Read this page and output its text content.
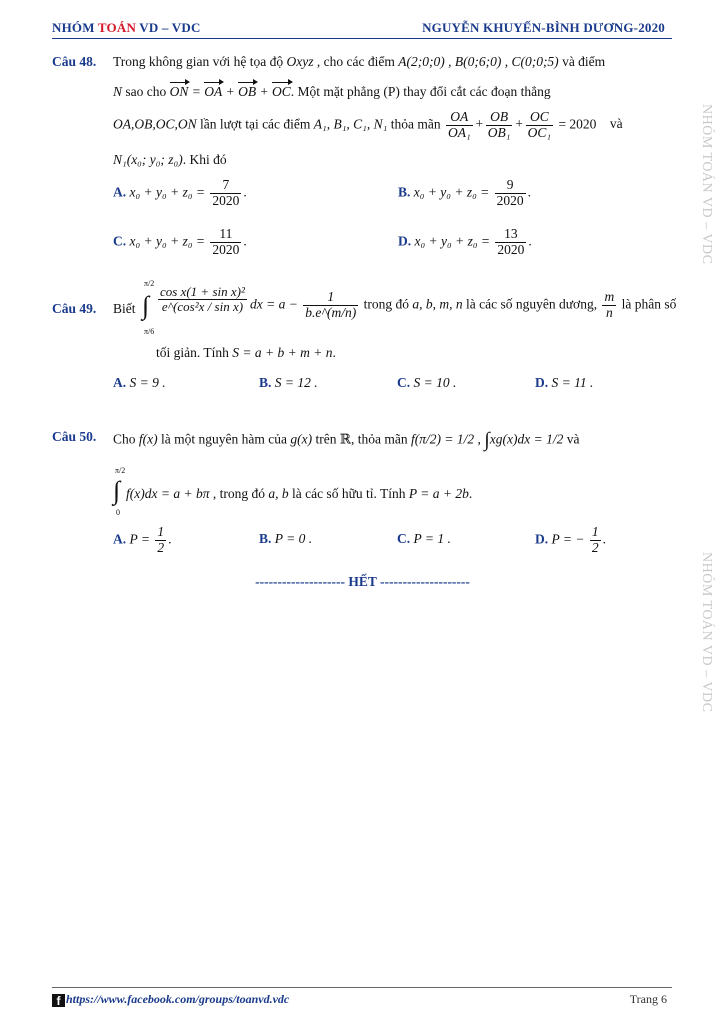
NHÓM TOÁN VD – VDC	NGUYỄN KHUYẾN-BÌNH DƯƠNG-2020
NHÓM TOÁN VD – VDC
NHÓM TOÁN VD – VDC
Câu 48. Trong không gian với hệ tọa độ Oxyz , cho các điểm A(2;0;0) , B(0;6;0) , C(0;0;5) và điểm
N sao cho ON = OA + OB + OC. Một mặt phẳng (P) thay đổi cắt các đoạn thẳng
OA,OB,OC,ON lần lượt tại các điểm A₁, B₁, C₁, N₁ thỏa mãn $\frac{OA}{\text{OA₁}} + \frac{OB}{\text{OB₁}} + \frac{OC}{\text{OC₁}} = 2020$ và
N₁(x₀; y₀; z₀). Khi đó
A. $x_0 + y_0 + z_0 = \frac{7}{2020}$ .	B. $x_0 + y_0 + z_0 = \frac{9}{2020}$ .
C. $x_0 + y_0 + z_0 = \frac{11}{2020}$ .	D. $x_0 + y_0 + z_0 = \frac{13}{2020}$ .
Câu 49. Biết
π/2
∫
π/6
$\frac{\text{cos x(1 + sin x)²}}{\text{e\textasciicircum{}(cos²x / sin x)}}$ dx = $a - \frac{1}{b.e\^{}(m/n)}$ trong đó a, b, m, n là các số nguyên dương, $\frac{m}{n}$ là phân số
tối giản. Tính S = a + b + m + n.
A. S = 9 .	B. S = 12 .	C. S = 10 .	D. S = 11 .
Câu 50. Cho f(x) là một nguyên hàm của g(x) trên ℝ, thỏa mãn f(π/2) = 1/2 , ∫xg(x)dx = 1/2 và
π/2
∫
0
f(x)dx = a + bπ , trong đó a, b là các số hữu tỉ. Tính P = a + 2b.
A. $P = \frac{1}{2}$ .	B. P = 0 .	C. P = 1 .	D. P = − $\frac{1}{2}$ .
-------------------- HẾT --------------------
f https://www.facebook.com/groups/toanvd.vdc	Trang 6
